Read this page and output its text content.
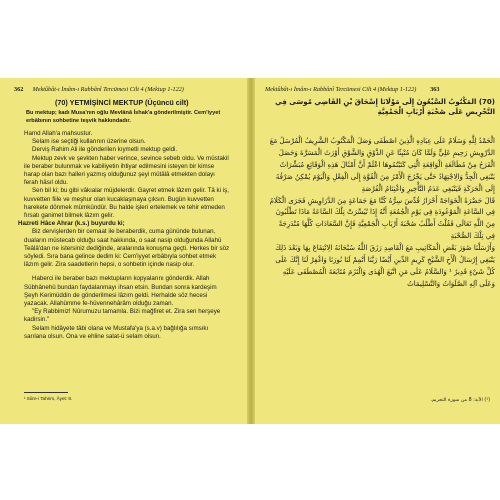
362 Mektûbât-ı İmâm-ı Rabbânî Tercümesi Cilt 4 (Mektup 1-122)
(70) YETMİŞİNCİ MEKTUP (Üçüncü cilt)
Bu mektup; kadı Musa'nın oğlu Mevlânâ İshak'a gönderilmiştir. Cem'iyyet erbâbının sohbetine teşvik hakkındadır.

Hamd Allah'a mahsustur.

Selam ise seçtiği kullarının üzerine olsun.

Derviş Rahim Ali ile gönderilen kıymetli mektup geldi.

Mektup zevk ve şevkten haber verince, sevince sebeb oldu. Ve müstakil ile beraber bulunmak ve kabiliyetin ihtiyar edilmesini isteyen bir kimse harap olan bazı halleri yazmış olduğunuz şeyi mütâlâ etmekten dolayı ferah hâsıl oldu.

Sen bil ki; bu gibi vâkıalar müjdelerdir. Gayret etmek lâzım gelir. Tâ ki iş, kuvvetten fiile ve meşhur olan kucaklaşmaya çıksın. Bugün kuvvetten harekete dönmek mümkündür. Bu halde işleri ertelemek ve tehir etmeden fırsatı ganimet bilmek lâzım gelir.

Hazreti Hâce Ahrar (k.s.) buyurdu ki;

Biz dervişlerden bir cemaat ile beraberdik, cuma gününde bulunan, duaların müstecab olduğu saat hakkında, o saat nasip olduğunda Allahü Teâlâ'dan ne istersiniz dediğinde, aralarında konuşma geçti. Herkes bir söz söyledi. Sıra bana gelince dedim ki: Cem'iyyet erbâbıyla sohbet etmek lâzım gelir. Zira saadetlerin hepsi, o sohbetin içinde nasip olur.

Haberci ile beraber bazı mektupların kopyalarını gönderdik. Allah Sübhânehû bundan faydalanmayı ihsan etsin. Bundan sonra kardeşim Şeyh Kerimüddin de gönderilmesi lâzım geldi. Herhalde söz hecesi yazacak. Allahümme fe-hüvennehârâm olduğu zaman.

"Ey Rabbimiz! Nûrumuzu tamamla. Bizi mağfiret et. Zira sen herşeye kadirsin."

Selam hidâyete tâbi olana ve Mustafa'ya (s.a.v) bağlılığa sımsıkı sarılana olsun. Ona ve ehline salat-ü selam olsun.

¹ Sûre-i Tahrim, Âyet: 8.
Mektûbât-ı İmâm-ı Rabbânî Tercümesi Cilt 4 (Mektup 1-122) 363
(70) المَكْتُوبُ السَّبْعُونَ إِلَى مَوْلَانَا إِسْحَاقَ بْنِ القَاضِي مُوسَى فِي التَّحْرِيضِ عَلَى صُحْبَةِ أَرْبَابِ الْجَمْعِيَّةِ

الْحَمْدُ لِلَّهِ وَسَلَامٌ عَلَى عِبَادِهِ الَّذِينَ اصْطَفَى وَصَلَ الْمَكْتُوبُ الشَّرِيفُ الْمُرْسَلُ مَعَ الدَّرْوِيشِ رَحِيمِ عَلِيٍّ وَلَمَّا كَانَ مُنْبِئًا عَنِ الذَّوْقِ وَالشَّوْقِ أَوْرَثَ الْمَسَرَّةَ وَحَصَلَ الْفَرَحُ مِنْ مُطَالَعَةِ الْوَاقِعَةِ الَّتِي كَتَبْتُمُوهَا اعْلَمْ أَنَّ أَمْثَالَ هَذِهِ الْوَقَائِعِ مُبَشِّرَاتٌ يَنْبَغِي الْجِدُّ وَالِاجْتِهَادُ حَتَّى يَخْرُجَ الْأَمْرُ مِنَ الْقُوَّةِ إِلَى الْفِعْلِ وَالْيَوْمَ يُمْكِنُ صَرْفُهُ إِلَى الْحَرَكَةِ فَيَنْبَغِي عَدَمُ التَّأْخِيرِ وَاغْتِنَامُ الْفُرْصَةِ

قَالَ حَضْرَةُ الْخَوَاجَهْ أَحْرَارُ قُدِّسَ سِرُّهُ كُنَّا مَعَ جَمَاعَةٍ مِنَ الدَّرَاوِيشِ فَجَرَى الْكَلَامُ فِي السَّاعَةِ الْمَوْعُودَةِ فِي يَوْمِ الْجُمُعَةِ أَنَّهُ إِذَا تُيُسِّرَتْ تِلْكَ السَّاعَةُ مَاذَا تَطْلُبُونَ مِنَ اللَّهِ تَعَالَى فَقُلْتُ أَطْلُبُ صُحْبَةَ أَرْبَابِ الْجَمْعِيَّةِ فَإِنَّ السَّعَادَاتِ كُلَّهَا مُنْدَرِجَةٌ فِي تِلْكَ الصُّحْبَةِ

وَأَرْسَلْنَا صُوَرَ بَعْضِ الْمَكَاتِيبِ مَعَ الْقَاصِدِ رَزَقَ اللَّهُ سُبْحَانَهُ الِانْتِفَاعَ بِهَا وَبَعْدَ ذَلِكَ يَنْبَغِي إِرْسَالُ الْأَخِ الشَّيْخِ كَرِيمِ الدِّينِ أَيْضًا رَبَّنَا أَتْمِمْ لَنَا نُورَنَا وَاغْفِرْ لَنَا إِنَّكَ عَلَى كُلِّ شَيْءٍ قَدِيرٌ ¹ وَالسَّلَامُ عَلَى مَنِ اتَّبَعَ الْهُدَى وَالْتَزَمَ مُتَابَعَةَ الْمُصْطَفَى عَلَيْهِ وَعَلَى آلِهِ الصَّلَوَاتُ وَالتَّسْلِيمَاتُ

(¹) الآية: 8 من سورة التحريم.
